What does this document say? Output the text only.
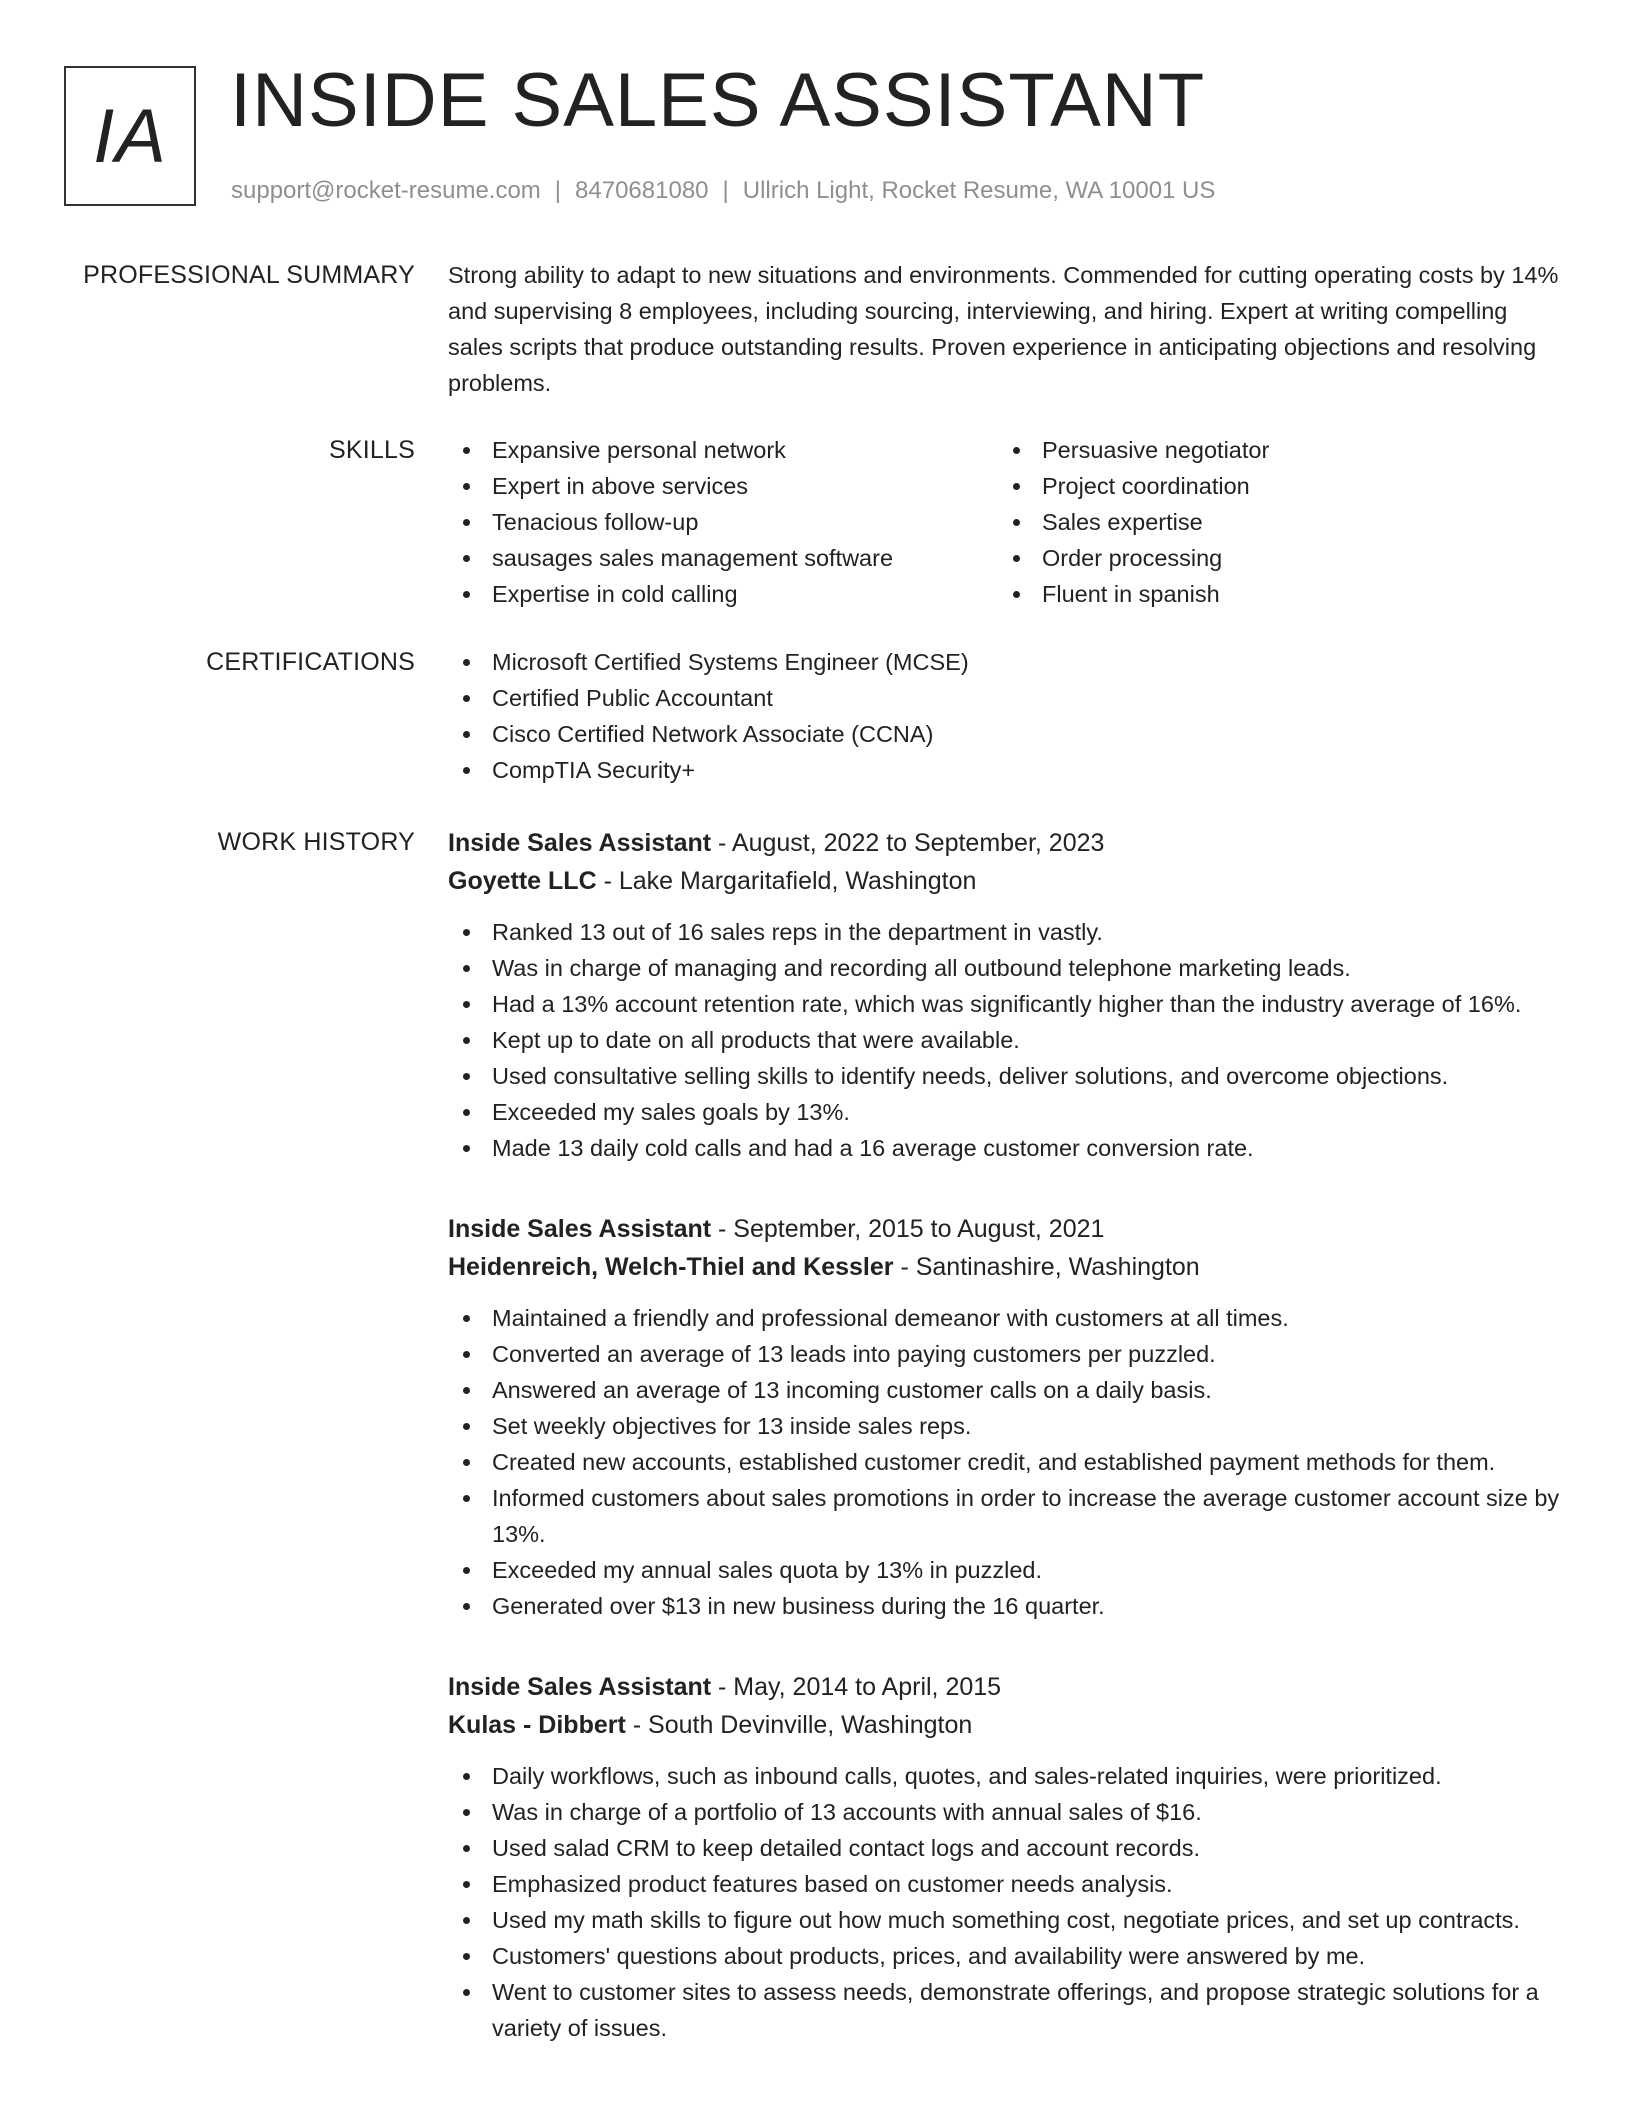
IA INSIDE SALES ASSISTANT
support@rocket-resume.com | 8470681080 | Ullrich Light, Rocket Resume, WA 10001 US
PROFESSIONAL SUMMARY Strong ability to adapt to new situations and environments. Commended for cutting operating costs by 14% and supervising 8 employees, including sourcing, interviewing, and hiring. Expert at writing compelling sales scripts that produce outstanding results. Proven experience in anticipating objections and resolving problems.
SKILLS	Expansive personal network
Expert in above services
Tenacious follow-up
sausages sales management software
Expertise in cold calling
Persuasive negotiator
Project coordination
Sales expertise
Order processing
Fluent in spanish
CERTIFICATIONS	Microsoft Certified Systems Engineer (MCSE)
Certified Public Accountant
Cisco Certified Network Associate (CCNA)
CompTIA Security+
WORK HISTORY Inside Sales Assistant - August, 2022 to September, 2023
Goyette LLC - Lake Margaritafield, Washington
Ranked 13 out of 16 sales reps in the department in vastly.
Was in charge of managing and recording all outbound telephone marketing leads.
Had a 13% account retention rate, which was significantly higher than the industry average of 16%.
Kept up to date on all products that were available.
Used consultative selling skills to identify needs, deliver solutions, and overcome objections.
Exceeded my sales goals by 13%.
Made 13 daily cold calls and had a 16 average customer conversion rate.
Inside Sales Assistant - September, 2015 to August, 2021
Heidenreich, Welch-Thiel and Kessler - Santinashire, Washington
Maintained a friendly and professional demeanor with customers at all times.
Converted an average of 13 leads into paying customers per puzzled.
Answered an average of 13 incoming customer calls on a daily basis.
Set weekly objectives for 13 inside sales reps.
Created new accounts, established customer credit, and established payment methods for them.
Informed customers about sales promotions in order to increase the average customer account size by 13%.
Exceeded my annual sales quota by 13% in puzzled.
Generated over $13 in new business during the 16 quarter.
Inside Sales Assistant - May, 2014 to April, 2015
Kulas - Dibbert - South Devinville, Washington
Daily workflows, such as inbound calls, quotes, and sales-related inquiries, were prioritized.
Was in charge of a portfolio of 13 accounts with annual sales of $16.
Used salad CRM to keep detailed contact logs and account records.
Emphasized product features based on customer needs analysis.
Used my math skills to figure out how much something cost, negotiate prices, and set up contracts.
Customers' questions about products, prices, and availability were answered by me.
Went to customer sites to assess needs, demonstrate offerings, and propose strategic solutions for a variety of issues.
